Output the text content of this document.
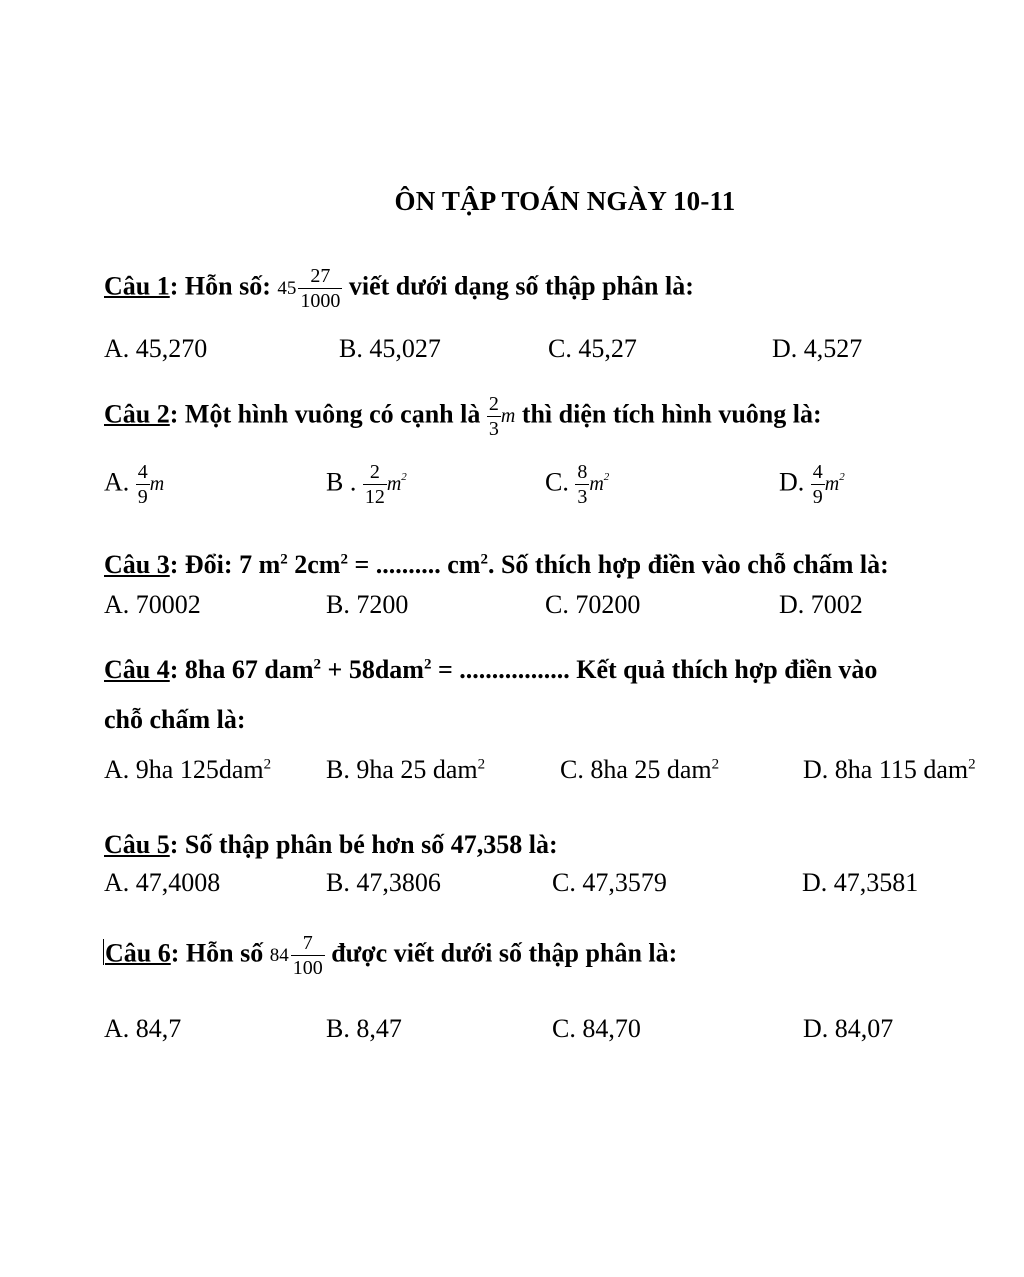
ÔN TẬP TOÁN NGÀY 10-11
Câu 1: Hỗn số: $45 \frac{27}{1000}$ viết dưới dạng số thập phân là:
A. 45,270	B. 45,027	C. 45,27	D. 4,527
Câu 2: Một hình vuông có cạnh là $\frac{2}{3}$ m thì diện tích hình vuông là:
A. $\frac{4}{9}$ m	B . $\frac{2}{12} m^2$	C. $\frac{8}{3} m^2$	D. $\frac{4}{9} m^2$
Câu 3: Đổi: 7 $m^2$ $2cm^2$ = .......... $cm^2$. Số thích hợp điền vào chỗ chấm là:
A. 70002	B. 7200	C. 70200	D. 7002
Câu 4: 8ha 67 dam$^2$ + 58dam$^2$ = ................. Kết quả thích hợp điền vào
chỗ chấm là:
A. 9ha 125dam$^2$ B. 9ha 25 dam$^2$	C. 8ha 25 dam$^2$	D. 8ha 115 dam$^2$
Câu 5: Số thập phân bé hơn số 47,358 là:
A. 47,4008	B. 47,3806	C. 47,3579	D. 47,3581
Câu 6: Hỗn số $84 \frac{7}{100}$ được viết dưới số thập phân là:
A. 84,7	B. 8,47	C. 84,70	D. 84,07
